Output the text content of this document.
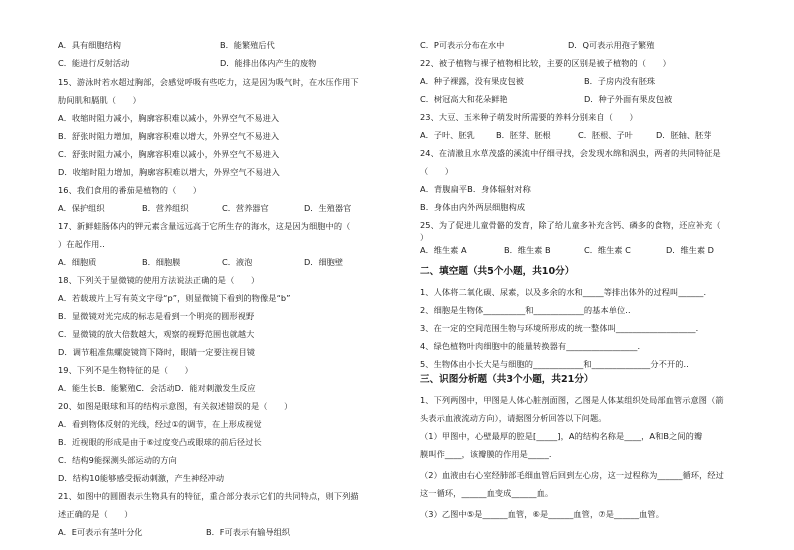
A．具有细胞结构	B．能繁殖后代
C．能进行反射活动	D．能排出体内产生的废物
15、游泳时若水超过胸部，会感觉呼吸有些吃力，这是因为吸气时，在水压作用下
肋间肌和膈肌（　　）
A．收缩时阻力减小，胸廓容积难以减小，外界空气不易进入
B．舒张时阻力增加，胸廓容积难以增大，外界空气不易进入
C．舒张时阻力减小，胸廓容积难以减小，外界空气不易进入
D．收缩时阻力增加，胸廓容积难以增大，外界空气不易进入
16、我们食用的番茄是植物的（　　）
A．保护组织	B．营养组织	C．营养器官	D．生殖器官
17、新鲜蛙肠体内的钾元素含量远远高于它所生存的海水，这是因为细胞中的（
）在起作用..
A．细胞质	B．细胞膜	C．液泡	D．细胞壁
18、下列关于显微镜的使用方法说法正确的是（　　）
A．若载玻片上写有英文字母“p”，则显微镜下看到的物像是“b”
B．显微镜对光完成的标志是看到一个明亮的圆形视野
C．显微镜的放大倍数越大，观察的视野范围也就越大
D．调节粗准焦螺旋镜筒下降时，眼睛一定要注视目镜
19、下列不是生物特征的是（　　）
A．能生长B．能繁殖C．会活动D．能对刺激发生反应
20、如图是眼球和耳的结构示意图，有关叙述错误的是（　　）
A．看到物体反射的光线，经过①的调节，在上形成视觉
B．近视眼的形成是由于⑥过度变凸或眼球的前后径过长
C．结构9能探测头部运动的方向
D．结构10能够感受振动刺激，产生神经冲动
21、如图中的圆圈表示生物具有的特征，重合部分表示它们的共同特点，则下列描
述正确的是（　　）
A．E可表示有茎叶分化	B．F可表示有输导组织
C．P可表示分布在水中	D．Q可表示用孢子繁殖
22、被子植物与裸子植物相比较，主要的区别是被子植物的（　　）
A．种子裸露，没有果皮包被	B．子房内没有胚珠
C．树冠高大和花朵鲜艳	D．种子外面有果皮包被
23、大豆、玉米种子萌发时所需要的养料分别来自（　　）
A．子叶、胚乳	B．胚芽、胚根	C．胚根、子叶	D．胚轴、胚芽
24、在清澈且水草茂盛的溪流中仔细寻找，会发现水绵和涡虫，两者的共同特征是
（　　）
A．背腹扁平B．身体辐射对称
B．身体由内外两层细胞构成
25、为了促进儿童骨骼的发育，除了给儿童多补充含钙、磷多的食物，还应补充（
）
A．维生素 A	B．维生素 B	C．维生素 C	D．维生素 D
二、填空题（共5个小题，共10分）
1、人体将二氧化碳、尿素，以及多余的水和_____等排出体外的过程叫______.
2、细胞是生物体__________和____________的基本单位..
3、在一定的空间范围生物与环境所形成的统一整体叫___________________.
4、绿色植物叶肉细胞中的能量转换器有_________________.
5、生物体由小长大是与细胞的____________和______________分不开的..
三、识图分析题（共3个小题，共21分）
1、下列两图中，甲图是人体心脏剖面图，乙图是人体某组织处局部血管示意图（箭
头表示血液流动方向），请据图分析回答以下问题。
（1）甲图中，心壁最厚的腔是[_____]，A的结构名称是____，A和B之间的瓣
膜叫作____，该瓣膜的作用是_____.
（2）血液由右心室经肺部毛细血管后回到左心房，这一过程称为______循环，经过
这一循环，______血变成______血。
（3）乙图中⑤是______血管，⑥是______血管，⑦是______血管。
